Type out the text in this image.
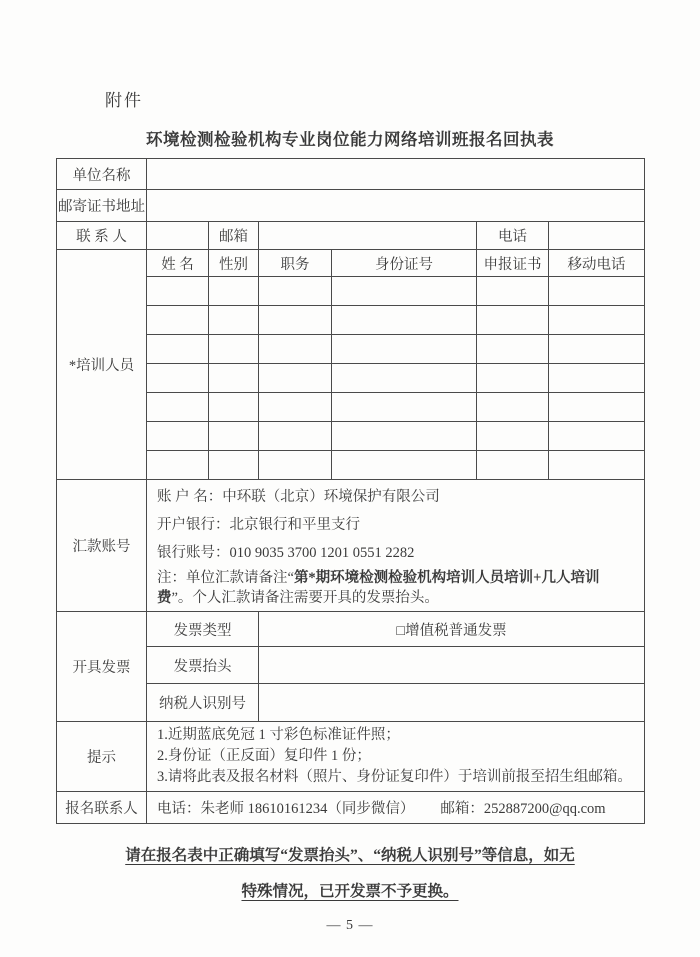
附件
环境检测检验机构专业岗位能力网络培训班报名回执表
单位名称						
邮寄证书地址						
联 系 人		邮箱			电话	
*培训人员	姓 名	性别	职务	身份证号	申报证书	移动电话

汇款账号	账 户 名：中环联（北京）环境保护有限公司
开户银行：北京银行和平里支行
银行账号：010 9035 3700 1201 0551 2282
注：单位汇款请备注“第*期环境检测检验机构培训人员培训+几人培训费”。个人汇款请备注需要开具的发票抬头。					

开具发票	发票类型		□增值税普通发票			
	发票抬头					
	纳税人识别号					
提示	1.近期蓝底免冠 1 寸彩色标准证件照；
2.身份证（正反面）复印件 1 份；
3.请将此表及报名材料（照片、身份证复印件）于培训前报至招生组邮箱。					

报名联系人	电话：朱老师 18610161234（同步微信） 邮箱：252887200@qq.com					
请在报名表中正确填写“发票抬头”、“纳税人识别号”等信息，如无
特殊情况，已开发票不予更换。
— 5 —
